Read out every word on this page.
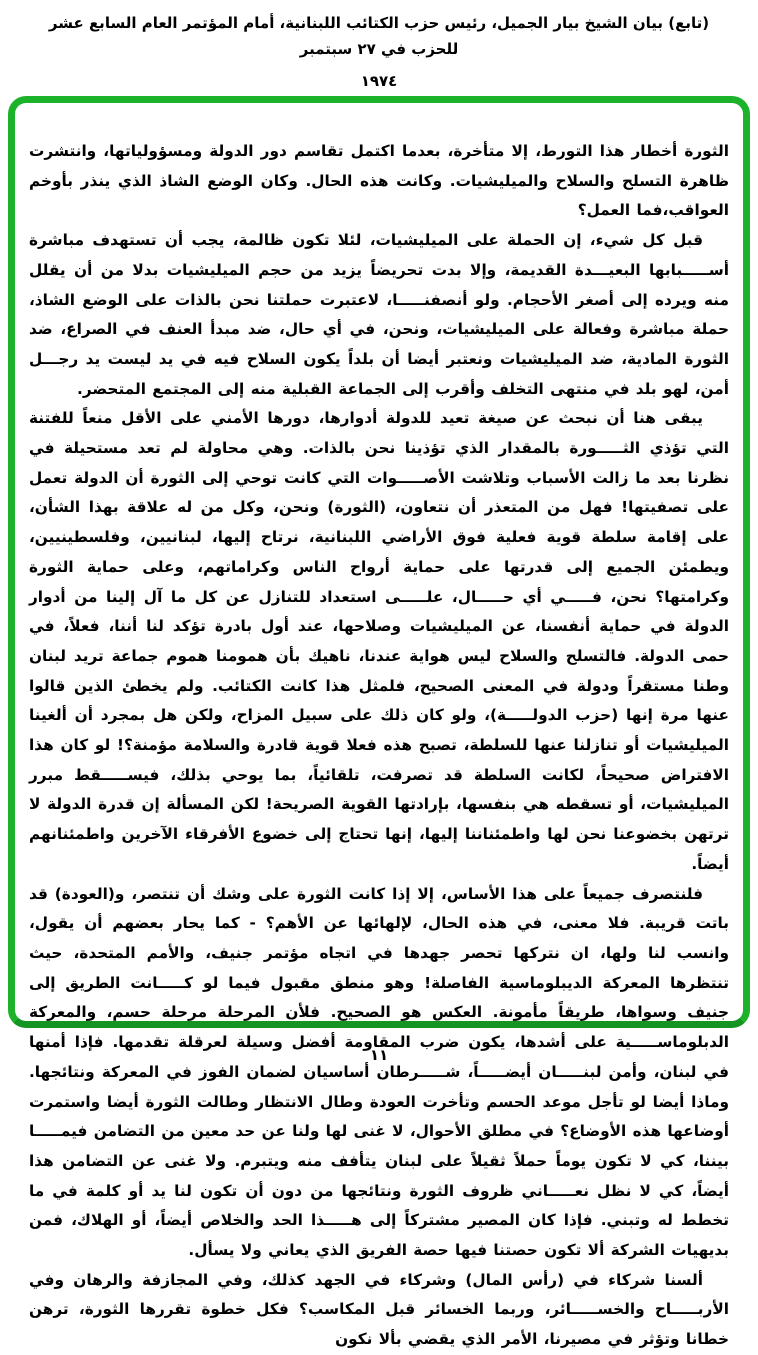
(تابع) بيان الشيخ بيار الجميل، رئيس حزب الكتائب اللبنانية، أمام المؤتمر العام السابع عشر للحزب في ٢٧ سبتمبر
١٩٧٤

الثورة أخطار هذا التورط، إلا متأخرة، بعدما اكتمل تقاسم دور الدولة ومسؤولياتها، وانتشرت ظاهرة التسلح والسلاح والميليشيات. وكانت هذه الحال. وكان الوضع الشاذ الذي ينذر بأوخم العواقب،فما العمل؟

قبل كل شيء، إن الحملة على الميليشيات، لئلا تكون ظالمة، يجب أن تستهدف مباشرة أســـــبابها البعيـــدة القديمة، وإلا بدت تحريضاً يزيد من حجم الميليشيات بدلا من أن يقلل منه ويرده إلى أصغر الأحجام. ولو أنصفنـــــا، لاعتبرت حملتنا نحن بالذات على الوضع الشاذ، حملة مباشرة وفعالة على الميليشيات، ونحن، في أي حال، ضد مبدأ العنف في الصراع، ضد الثورة المادية، ضد الميليشيات ونعتبر أيضا أن بلداً يكون السلاح فيه في يد ليست يد رجـــل أمن، لهو بلد في منتهى التخلف وأقرب إلى الجماعة القبلية منه إلى المجتمع المتحضر.

يبقى هنا أن نبحث عن صيغة تعيد للدولة أدوارها، دورها الأمني على الأقل منعاً للفتنة التي تؤذي الثـــــورة بالمقدار الذي تؤذينا نحن بالذات. وهي محاولة لم تعد مستحيلة في نظرنا بعد ما زالت الأسباب وتلاشت الأصـــــوات التي كانت توحي إلى الثورة أن الدولة تعمل على تصفيتها! فهل من المتعذر أن نتعاون، (الثورة) ونحن، وكل من له علاقة بهذا الشأن، على إقامة سلطة قوية فعلية فوق الأراضي اللبنانية، نرتاح إليها، لبنانيين، وفلسطينيين، ويطمئن الجميع إلى قدرتها على حماية أرواح الناس وكراماتهم، وعلى حماية الثورة وكرامتها؟ نحن، فـــــي أي حـــــال، علـــــى استعداد للتنازل عن كل ما آل إلينا من أدوار الدولة في حماية أنفسنا، عن الميليشيات وصلاحها، عند أول بادرة تؤكد لنا أننا، فعلاً، في حمى الدولة. فالتسلح والسلاح ليس هواية عندنا، ناهيك بأن همومنا هموم جماعة تريد لبنان وطنا مستقراً ودولة في المعنى الصحيح، فلمثل هذا كانت الكتائب. ولم يخطئ الذين قالوا عنها مرة إنها (حزب الدولـــــة)، ولو كان ذلك على سبيل المزاح، ولكن هل بمجرد أن ألغينا الميليشيات أو تنازلنا عنها للسلطة، تصبح هذه فعلا قوية قادرة والسلامة مؤمنة؟! لو كان هذا الافتراض صحيحاً، لكانت السلطة قد تصرفت، تلقائياً، بما يوحي بذلك، فيســـــقط مبرر الميليشيات، أو تسقطه هي بنفسها، بإرادتها القوية الصريحة! لكن المسألة إن قدرة الدولة لا ترتهن بخضوعنا نحن لها واطمئناننا إليها، إنها تحتاج إلى خضوع الأفرقاء الآخرين واطمئنانهم أيضاً.

فلنتصرف جميعاً على هذا الأساس، إلا إذا كانت الثورة على وشك أن تنتصر، و(العودة) قد باتت قريبة. فلا معنى، في هذه الحال، لإلهائها عن الأهم؟ - كما يحار بعضهم أن يقول، وانسب لنا ولها، ان نتركها تحصر جهدها في اتجاه مؤتمر جنيف، والأمم المتحدة، حيث تنتظرها المعركة الديبلوماسية الفاصلة! وهو منطق مقبول فيما لو كـــــانت الطريق إلى جنيف وسواها، طريقاً مأمونة. العكس هو الصحيح. فلأن المرحلة مرحلة حسم، والمعركة الدبلوماســـــية على أشدها، يكون ضرب المقاومة أفضل وسيلة لعرقلة تقدمها. فإذا أمنها في لبنان، وأمن لبنـــــان أيضـــــاً، شـــــرطان أساسيان لضمان الفوز في المعركة ونتائجها. وماذا أيضا لو تأجل موعد الحسم وتأخرت العودة وطال الانتظار وطالت الثورة أيضا واستمرت أوضاعها هذه الأوضاع؟ في مطلق الأحوال، لا غنى لها ولنا عن حد معين من التضامن فيمـــــا بيننا، كي لا تكون يوماً حملاً ثقيلاً على لبنان يتأفف منه ويتبرم. ولا غنى عن التضامن هذا أيضاً، كي لا نظل نعـــــاني ظروف الثورة ونتائجها من دون أن تكون لنا يد أو كلمة في ما تخطط له وتبني. فإذا كان المصير مشتركاً إلى هـــــذا الحد والخلاص أيضاً، أو الهلاك، فمن بديهيات الشركة ألا تكون حصتنا فيها حصة الفريق الذي يعاني ولا يسأل.

ألسنا شركاء في (رأس المال) وشركاء في الجهد كذلك، وفي المجازفة والرهان وفي الأربـــــاح والخســـــائر، وربما الخسائر قبل المكاسب؟ فكل خطوة تقررها الثورة، ترهن خطانا وتؤثر في مصيرنا، الأمر الذي يقضي بألا نكون

١١
